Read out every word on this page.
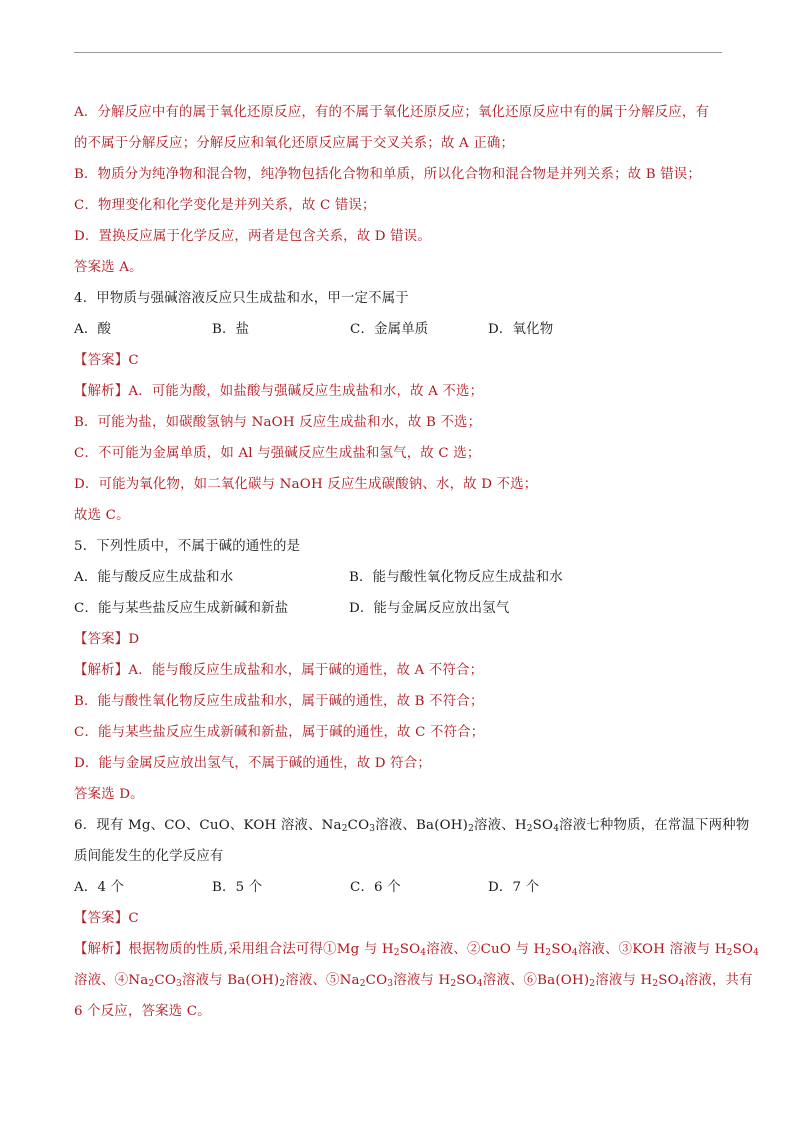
A．分解反应中有的属于氧化还原反应，有的不属于氧化还原反应；氧化还原反应中有的属于分解反应，有
的不属于分解反应；分解反应和氧化还原反应属于交叉关系；故 A 正确；
B．物质分为纯净物和混合物，纯净物包括化合物和单质，所以化合物和混合物是并列关系；故 B 错误；
C．物理变化和化学变化是并列关系，故 C 错误；
D．置换反应属于化学反应，两者是包含关系，故 D 错误。
答案选 A。
4．甲物质与强碱溶液反应只生成盐和水，甲一定不属于
A．酸	B．盐	C．金属单质	D．氧化物
【答案】C
【解析】A．可能为酸，如盐酸与强碱反应生成盐和水，故 A 不选；
B．可能为盐，如碳酸氢钠与 NaOH 反应生成盐和水，故 B 不选；
C．不可能为金属单质，如 Al 与强碱反应生成盐和氢气，故 C 选；
D．可能为氧化物，如二氧化碳与 NaOH 反应生成碳酸钠、水，故 D 不选；
故选 C。
5．下列性质中，不属于碱的通性的是
A．能与酸反应生成盐和水	B．能与酸性氧化物反应生成盐和水
C．能与某些盐反应生成新碱和新盐	D．能与金属反应放出氢气
【答案】D
【解析】A．能与酸反应生成盐和水，属于碱的通性，故 A 不符合；
B．能与酸性氧化物反应生成盐和水，属于碱的通性，故 B 不符合；
C．能与某些盐反应生成新碱和新盐，属于碱的通性，故 C 不符合；
D．能与金属反应放出氢气，不属于碱的通性，故 D 符合；
答案选 D。
6．现有 Mg、CO、CuO、KOH 溶液、$Na_2CO_3$溶液、$Ba(OH)_2$溶液、$H_2SO_4$溶液七种物质，在常温下两种物
质间能发生的化学反应有
A．4 个	B．5 个	C．6 个	D．7 个
【答案】C
【解析】根据物质的性质,采用组合法可得①Mg 与 $H_2SO_4$溶液、②CuO 与 $H_2SO_4$溶液、③KOH 溶液与 $H_2SO_4$
溶液、$④Na_2CO_3$溶液与 $Ba(OH)_2$溶液、$⑤Na_2CO_3$溶液与 $H_2SO_4$溶液、$⑥Ba(OH)_2$溶液与 $H_2SO_4$溶液，共有
6 个反应，答案选 C。
